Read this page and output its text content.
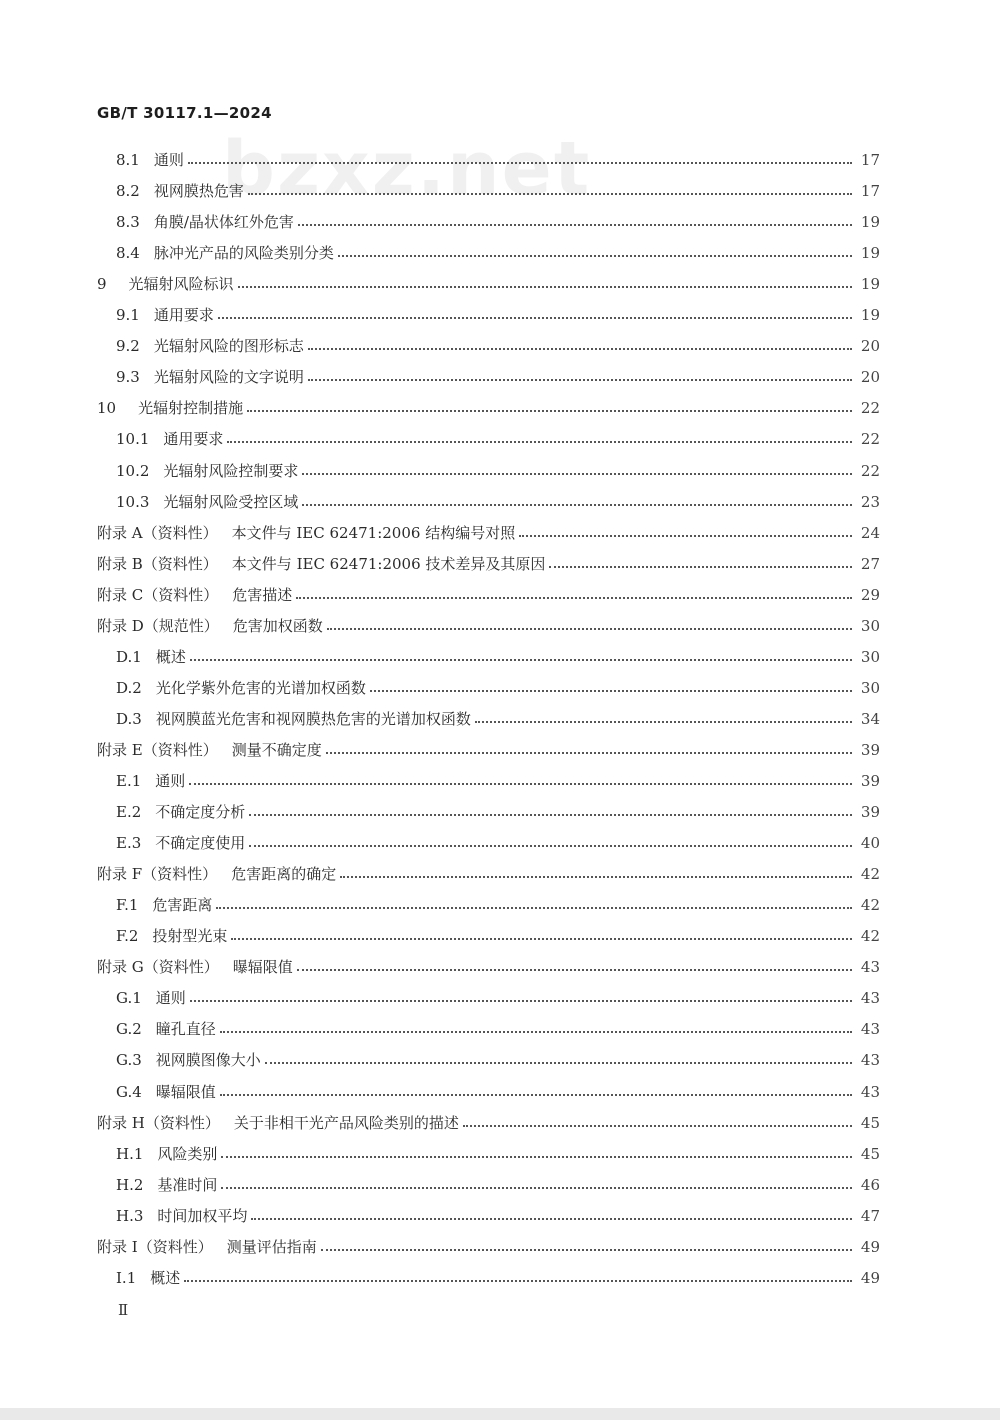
GB/T 30117.1—2024
bzxz.net
8.1 通则	17
8.2 视网膜热危害	17
8.3 角膜/晶状体红外危害	19
8.4 脉冲光产品的风险类别分类	19
9 光辐射风险标识	19
9.1 通用要求	19
9.2 光辐射风险的图形标志	20
9.3 光辐射风险的文字说明	20
10 光辐射控制措施	22
10.1 通用要求	22
10.2 光辐射风险控制要求	22
10.3 光辐射风险受控区域	23
附录 A（资料性） 本文件与 IEC 62471:2006 结构编号对照	24
附录 B（资料性） 本文件与 IEC 62471:2006 技术差异及其原因	27
附录 C（资料性） 危害描述	29
附录 D（规范性） 危害加权函数	30
D.1 概述	30
D.2 光化学紫外危害的光谱加权函数	30
D.3 视网膜蓝光危害和视网膜热危害的光谱加权函数	34
附录 E（资料性） 测量不确定度	39
E.1 通则	39
E.2 不确定度分析	39
E.3 不确定度使用	40
附录 F（资料性） 危害距离的确定	42
F.1 危害距离	42
F.2 投射型光束	42
附录 G（资料性） 曝辐限值	43
G.1 通则	43
G.2 瞳孔直径	43
G.3 视网膜图像大小	43
G.4 曝辐限值	43
附录 H（资料性） 关于非相干光产品风险类别的描述	45
H.1 风险类别	45
H.2 基准时间	46
H.3 时间加权平均	47
附录 I（资料性） 测量评估指南	49
I.1 概述	49
Ⅱ
